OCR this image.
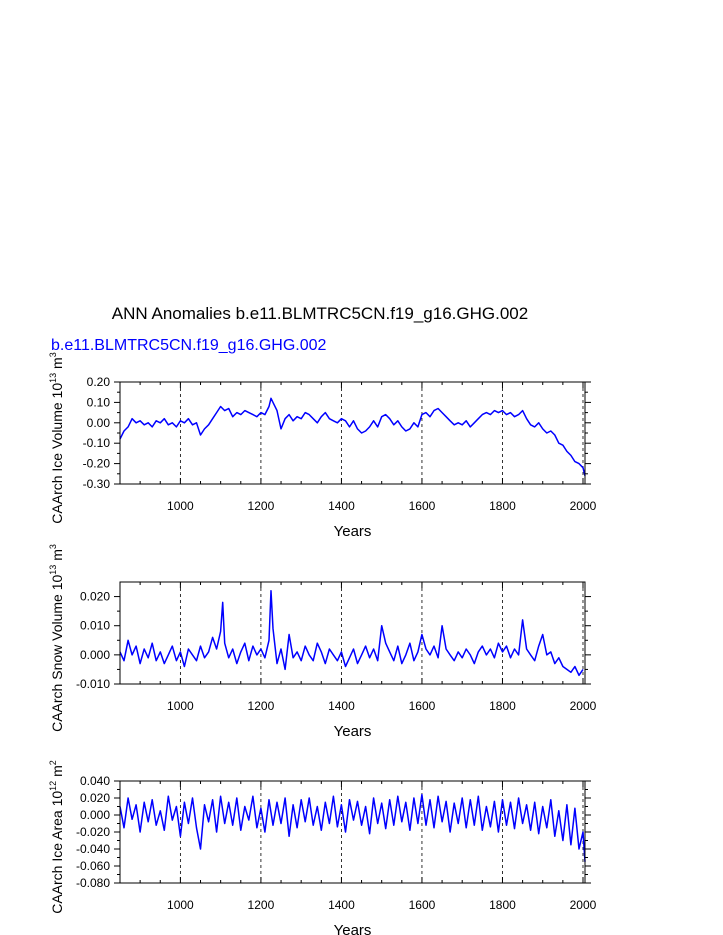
ANN Anomalies b.e11.BLMTRC5CN.f19_g16.GHG.002
b.e11.BLMTRC5CN.f19_g16.GHG.002
1000	1200	1400	1600	1800	2000
0.20
0.10
0.00
-0.10
-0.20
-0.30
Years
CAArch Ice Volume $10^{13}$ $m^3$
1000	1200	1400	1600	1800	2000
0.020
0.010
0.000
-0.010
Years
CAArch Snow Volume $10^{13}$ $m^3$
1000	1200	1400	1600	1800	2000
0.040
0.020
0.000
-0.020
-0.040
-0.060
-0.080
Years
CAArch Ice Area $10^{12}$ $m^2$
